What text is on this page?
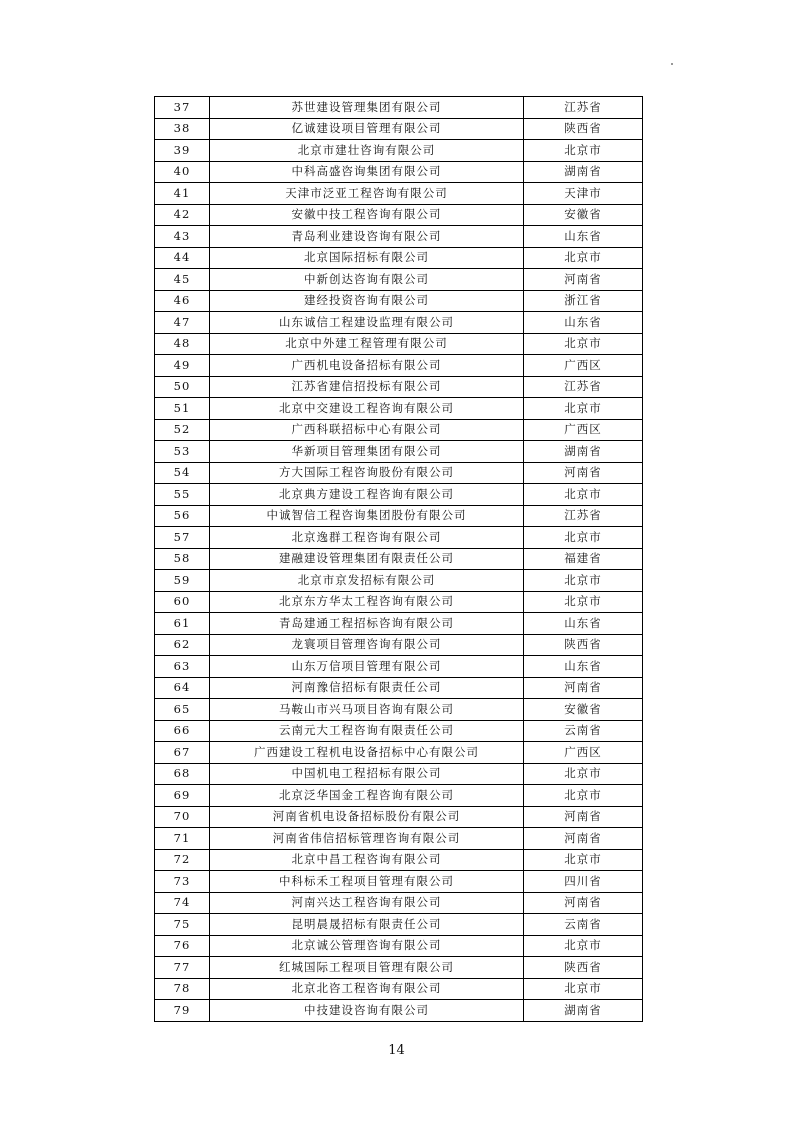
37	苏世建设管理集团有限公司	江苏省
38	亿诚建设项目管理有限公司	陕西省
39	北京市建壮咨询有限公司	北京市
40	中科高盛咨询集团有限公司	湖南省
41	天津市泛亚工程咨询有限公司	天津市
42	安徽中技工程咨询有限公司	安徽省
43	青岛利业建设咨询有限公司	山东省
44	北京国际招标有限公司	北京市
45	中新创达咨询有限公司	河南省
46	建经投资咨询有限公司	浙江省
47	山东诚信工程建设监理有限公司	山东省
48	北京中外建工程管理有限公司	北京市
49	广西机电设备招标有限公司	广西区
50	江苏省建信招投标有限公司	江苏省
51	北京中交建设工程咨询有限公司	北京市
52	广西科联招标中心有限公司	广西区
53	华新项目管理集团有限公司	湖南省
54	方大国际工程咨询股份有限公司	河南省
55	北京典方建设工程咨询有限公司	北京市
56	中诚智信工程咨询集团股份有限公司	江苏省
57	北京逸群工程咨询有限公司	北京市
58	建融建设管理集团有限责任公司	福建省
59	北京市京发招标有限公司	北京市
60	北京东方华太工程咨询有限公司	北京市
61	青岛建通工程招标咨询有限公司	山东省
62	龙寰项目管理咨询有限公司	陕西省
63	山东万信项目管理有限公司	山东省
64	河南豫信招标有限责任公司	河南省
65	马鞍山市兴马项目咨询有限公司	安徽省
66	云南元大工程咨询有限责任公司	云南省
67	广西建设工程机电设备招标中心有限公司	广西区
68	中国机电工程招标有限公司	北京市
69	北京泛华国金工程咨询有限公司	北京市
70	河南省机电设备招标股份有限公司	河南省
71	河南省伟信招标管理咨询有限公司	河南省
72	北京中昌工程咨询有限公司	北京市
73	中科标禾工程项目管理有限公司	四川省
74	河南兴达工程咨询有限公司	河南省
75	昆明晨晟招标有限责任公司	云南省
76	北京诚公管理咨询有限公司	北京市
77	红城国际工程项目管理有限公司	陕西省
78	北京北咨工程咨询有限公司	北京市
79	中技建设咨询有限公司	湖南省
14
